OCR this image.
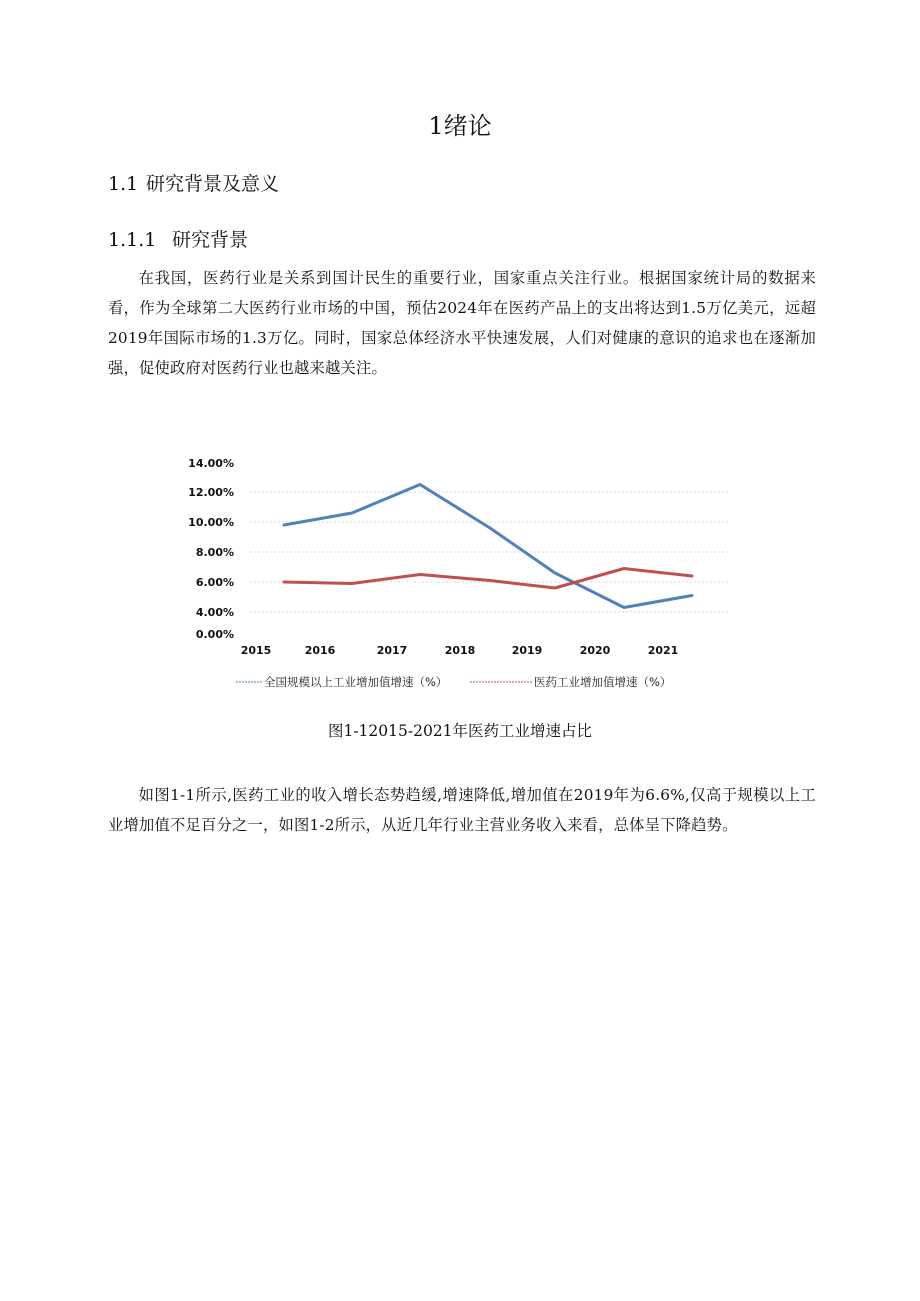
1绪论
1.1 研究背景及意义
1.1.1 研究背景
在我国，医药行业是关系到国计民生的重要行业，国家重点关注行业。根据国家统计局的数据来看，作为全球第二大医药行业市场的中国，预估2024年在医药产品上的支出将达到1.5万亿美元，远超2019年国际市场的1.3万亿。同时，国家总体经济水平快速发展，人们对健康的意识的追求也在逐渐加强，促使政府对医药行业也越来越关注。
14.00%
12.00%
10.00%
8.00%
6.00%
4.00%
0.00%
2015	2016	2017	2018	2019	2020	2021
全国规模以上工业增加值增速（%）	医药工业增加值增速（%）
图1-12015-2021年医药工业增速占比
如图1-1所示,医药工业的收入增长态势趋缓,增速降低,增加值在2019年为6.6%,仅高于规模以上工业增加值不足百分之一，如图1-2所示，从近几年行业主营业务收入来看，总体呈下降趋势。
